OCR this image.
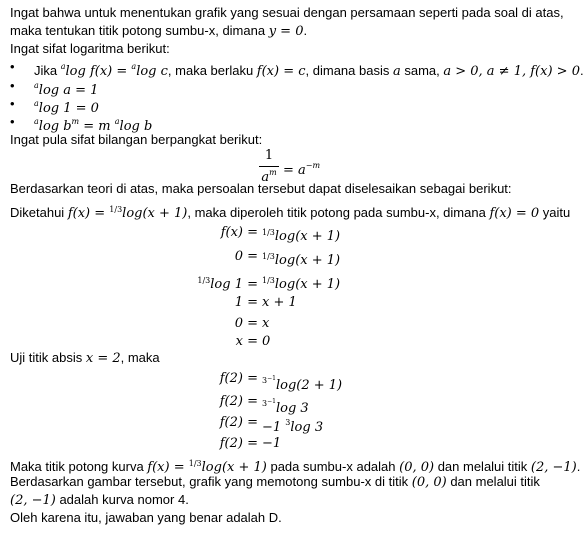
Ingat bahwa untuk menentukan grafik yang sesuai dengan persamaan seperti pada soal di atas,
maka tentukan titik potong sumbu-x, dimana y = 0.
Ingat sifat logaritma berikut:
•	Jika $^a$log f(x) = $^a$log c, maka berlaku f(x) = c, dimana basis a sama, a > 0, a ≠ 1, f(x) > 0.
•	$^a$log a = 1
•	$^a$log 1 = 0
•	$^a$log $b^m = m$ $^a$log b
Ingat pula sifat bilangan berpangkat berikut:
1
$a^m = a^{-m}$
Berdasarkan teori di atas, maka persoalan tersebut dapat diselesaikan sebagai berikut:
Diketahui f(x) = $^{1/3}$log(x + 1), maka diperoleh titik potong pada sumbu-x, dimana f(x) = 0 yaitu
f(x) = $^{1/3}$log(x + 1)
0 = $^{1/3}$log(x + 1)
$^{1/3}$log 1 = $^{1/3}$log(x + 1)
1 = x + 1
0 = x
x = 0
Uji titik absis x = 2, maka
f(2) = $^{3^{-1}}$log(2 + 1)
f(2) = $^{3^{-1}}$log 3
f(2) = −1 $^3$log 3
f(2) = −1
Maka titik potong kurva f(x) = $^{1/3}$log(x + 1) pada sumbu-x adalah (0, 0) dan melalui titik (2, −1).
Berdasarkan gambar tersebut, grafik yang memotong sumbu-x di titik (0, 0) dan melalui titik
(2, −1) adalah kurva nomor 4.
Oleh karena itu, jawaban yang benar adalah D.
